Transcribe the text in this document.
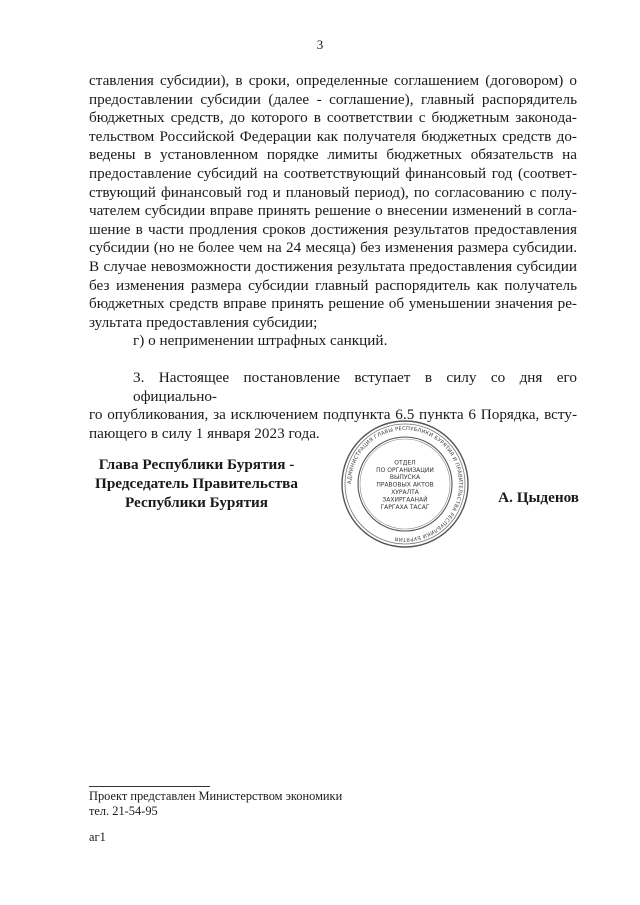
3
ставления субсидии), в сроки, определенные соглашением (договором) о
предоставлении субсидии (далее - соглашение), главный распорядитель
бюджетных средств, до которого в соответствии с бюджетным законода-
тельством Российской Федерации как получателя бюджетных средств до-
ведены в установленном порядке лимиты бюджетных обязательств на
предоставление субсидий на соответствующий финансовый год (соответ-
ствующий финансовый год и плановый период), по согласованию с полу-
чателем субсидии вправе принять решение о внесении изменений в согла-
шение в части продления сроков достижения результатов предоставления
субсидии (но не более чем на 24 месяца) без изменения размера субсидии.
В случае невозможности достижения результата предоставления субсидии
без изменения размера субсидии главный распорядитель как получатель
бюджетных средств вправе принять решение об уменьшении значения ре-
зультата предоставления субсидии;
г) о неприменении штрафных санкций.
3. Настоящее постановление вступает в силу со дня его официально-
го опубликования, за исключением подпункта 6.5 пункта 6 Порядка, всту-
пающего в силу 1 января 2023 года.
Глава Республики Бурятия -
Председатель Правительства
Республики Бурятия
АДМИНИСТРАЦИЯ ГЛАВЫ РЕСПУБЛИКИ БУРЯТИЯ И ПРАВИТЕЛЬСТВА РЕСПУБЛИКИ БУРЯТИЯ
ОТДЕЛ
ПО ОРГАНИЗАЦИИ
ВЫПУСКА
ПРАВОВЫХ АКТОВ
ХУРАЛТА
ЗАХИРГААНАЙ
ГАРГАХА ТАСАГ
А. Цыденов
Проект представлен Министерством экономики
тел. 21-54-95
аг1
